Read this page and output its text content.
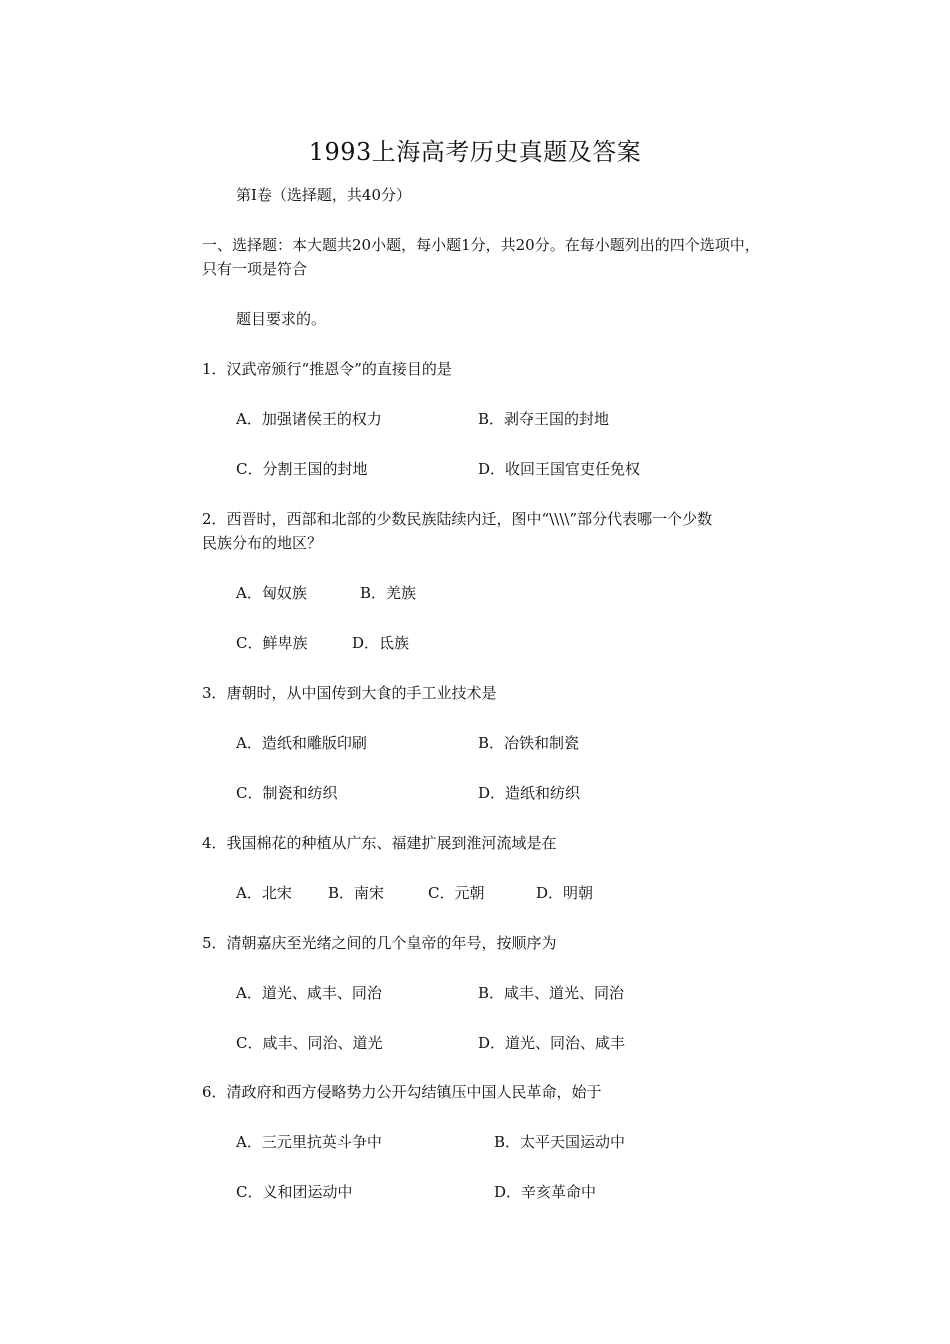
1993上海高考历史真题及答案
第Ⅰ卷（选择题，共40分）
一、选择题：本大题共20小题，每小题1分，共20分。在每小题列出的四个选项中，
只有一项是符合
题目要求的。
1．汉武帝颁行“推恩令”的直接目的是
A．加强诸侯王的权力	B．剥夺王国的封地
C．分割王国的封地	D．收回王国官吏任免权
2．西晋时，西部和北部的少数民族陆续内迁，图中“\\\\”部分代表哪一个少数
民族分布的地区？
A．匈奴族	B．羌族
C．鲜卑族	D．氐族
3．唐朝时，从中国传到大食的手工业技术是
A．造纸和雕版印刷	B．冶铁和制瓷
C．制瓷和纺织	D．造纸和纺织
4．我国棉花的种植从广东、福建扩展到淮河流域是在
A．北宋 B．南宋	C．元朝	D．明朝
5．清朝嘉庆至光绪之间的几个皇帝的年号，按顺序为
A．道光、咸丰、同治	B．咸丰、道光、同治
C．咸丰、同治、道光	D．道光、同治、咸丰
6．清政府和西方侵略势力公开勾结镇压中国人民革命，始于
A．三元里抗英斗争中	B．太平天国运动中
C．义和团运动中	D．辛亥革命中
